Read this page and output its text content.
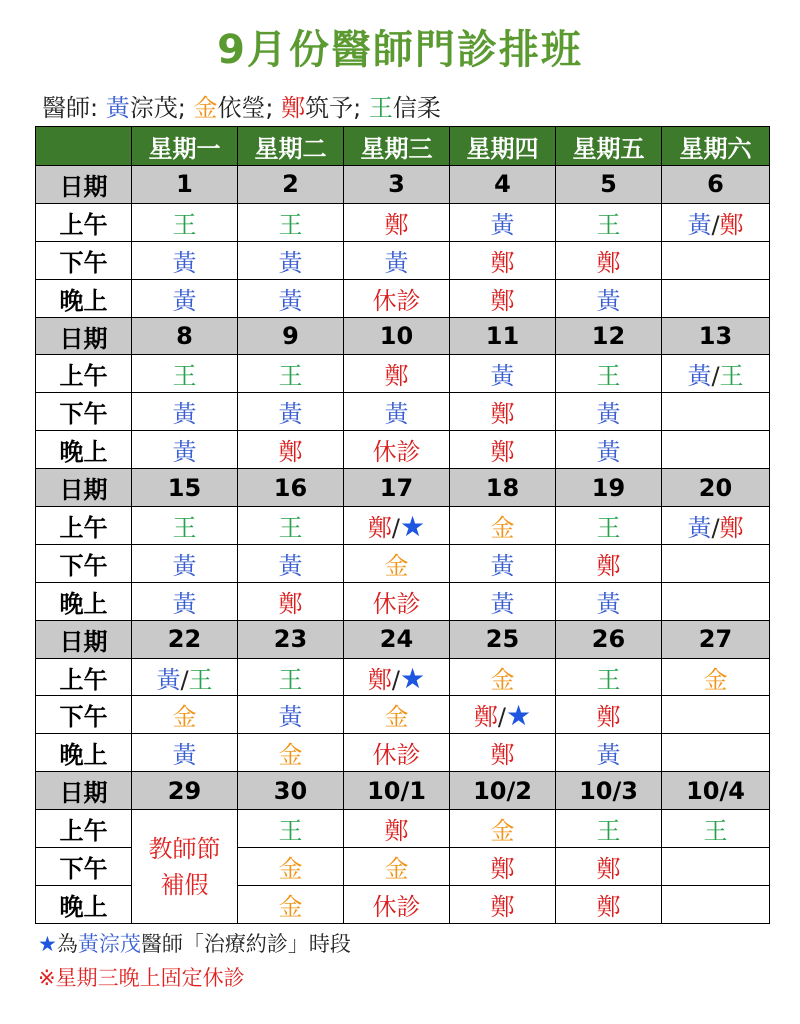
9月份醫師門診排班
醫師: 黃淙茂; 金依瑩; 鄭筑予; 王信柔
	星期一	星期二	星期三	星期四	星期五	星期六
日期	1	2	3	4	5	6
上午	王	王	鄭	黃	王	黃/鄭
下午	黃	黃	黃	鄭	鄭	
晚上	黃	黃	休診	鄭	黃	
日期	8	9	10	11	12	13
上午	王	王	鄭	黃	王	黃/王
下午	黃	黃	黃	鄭	黃	
晚上	黃	鄭	休診	鄭	黃	
日期	15	16	17	18	19	20
上午	王	王	鄭/★	金	王	黃/鄭
下午	黃	黃	金	黃	鄭	
晚上	黃	鄭	休診	黃	黃	
日期	22	23	24	25	26	27
上午	黃/王	王	鄭/★	金	王	金
下午	金	黃	金	鄭/★	鄭	
晚上	黃	金	休診	鄭	黃	
日期	29	30	10/1	10/2	10/3	10/4
上午	教師節補假	王	鄭	金	王	王
下午		金	金	鄭	鄭	
晚上		金	休診	鄭	鄭	
★為黃淙茂醫師「治療約診」時段
※星期三晚上固定休診
